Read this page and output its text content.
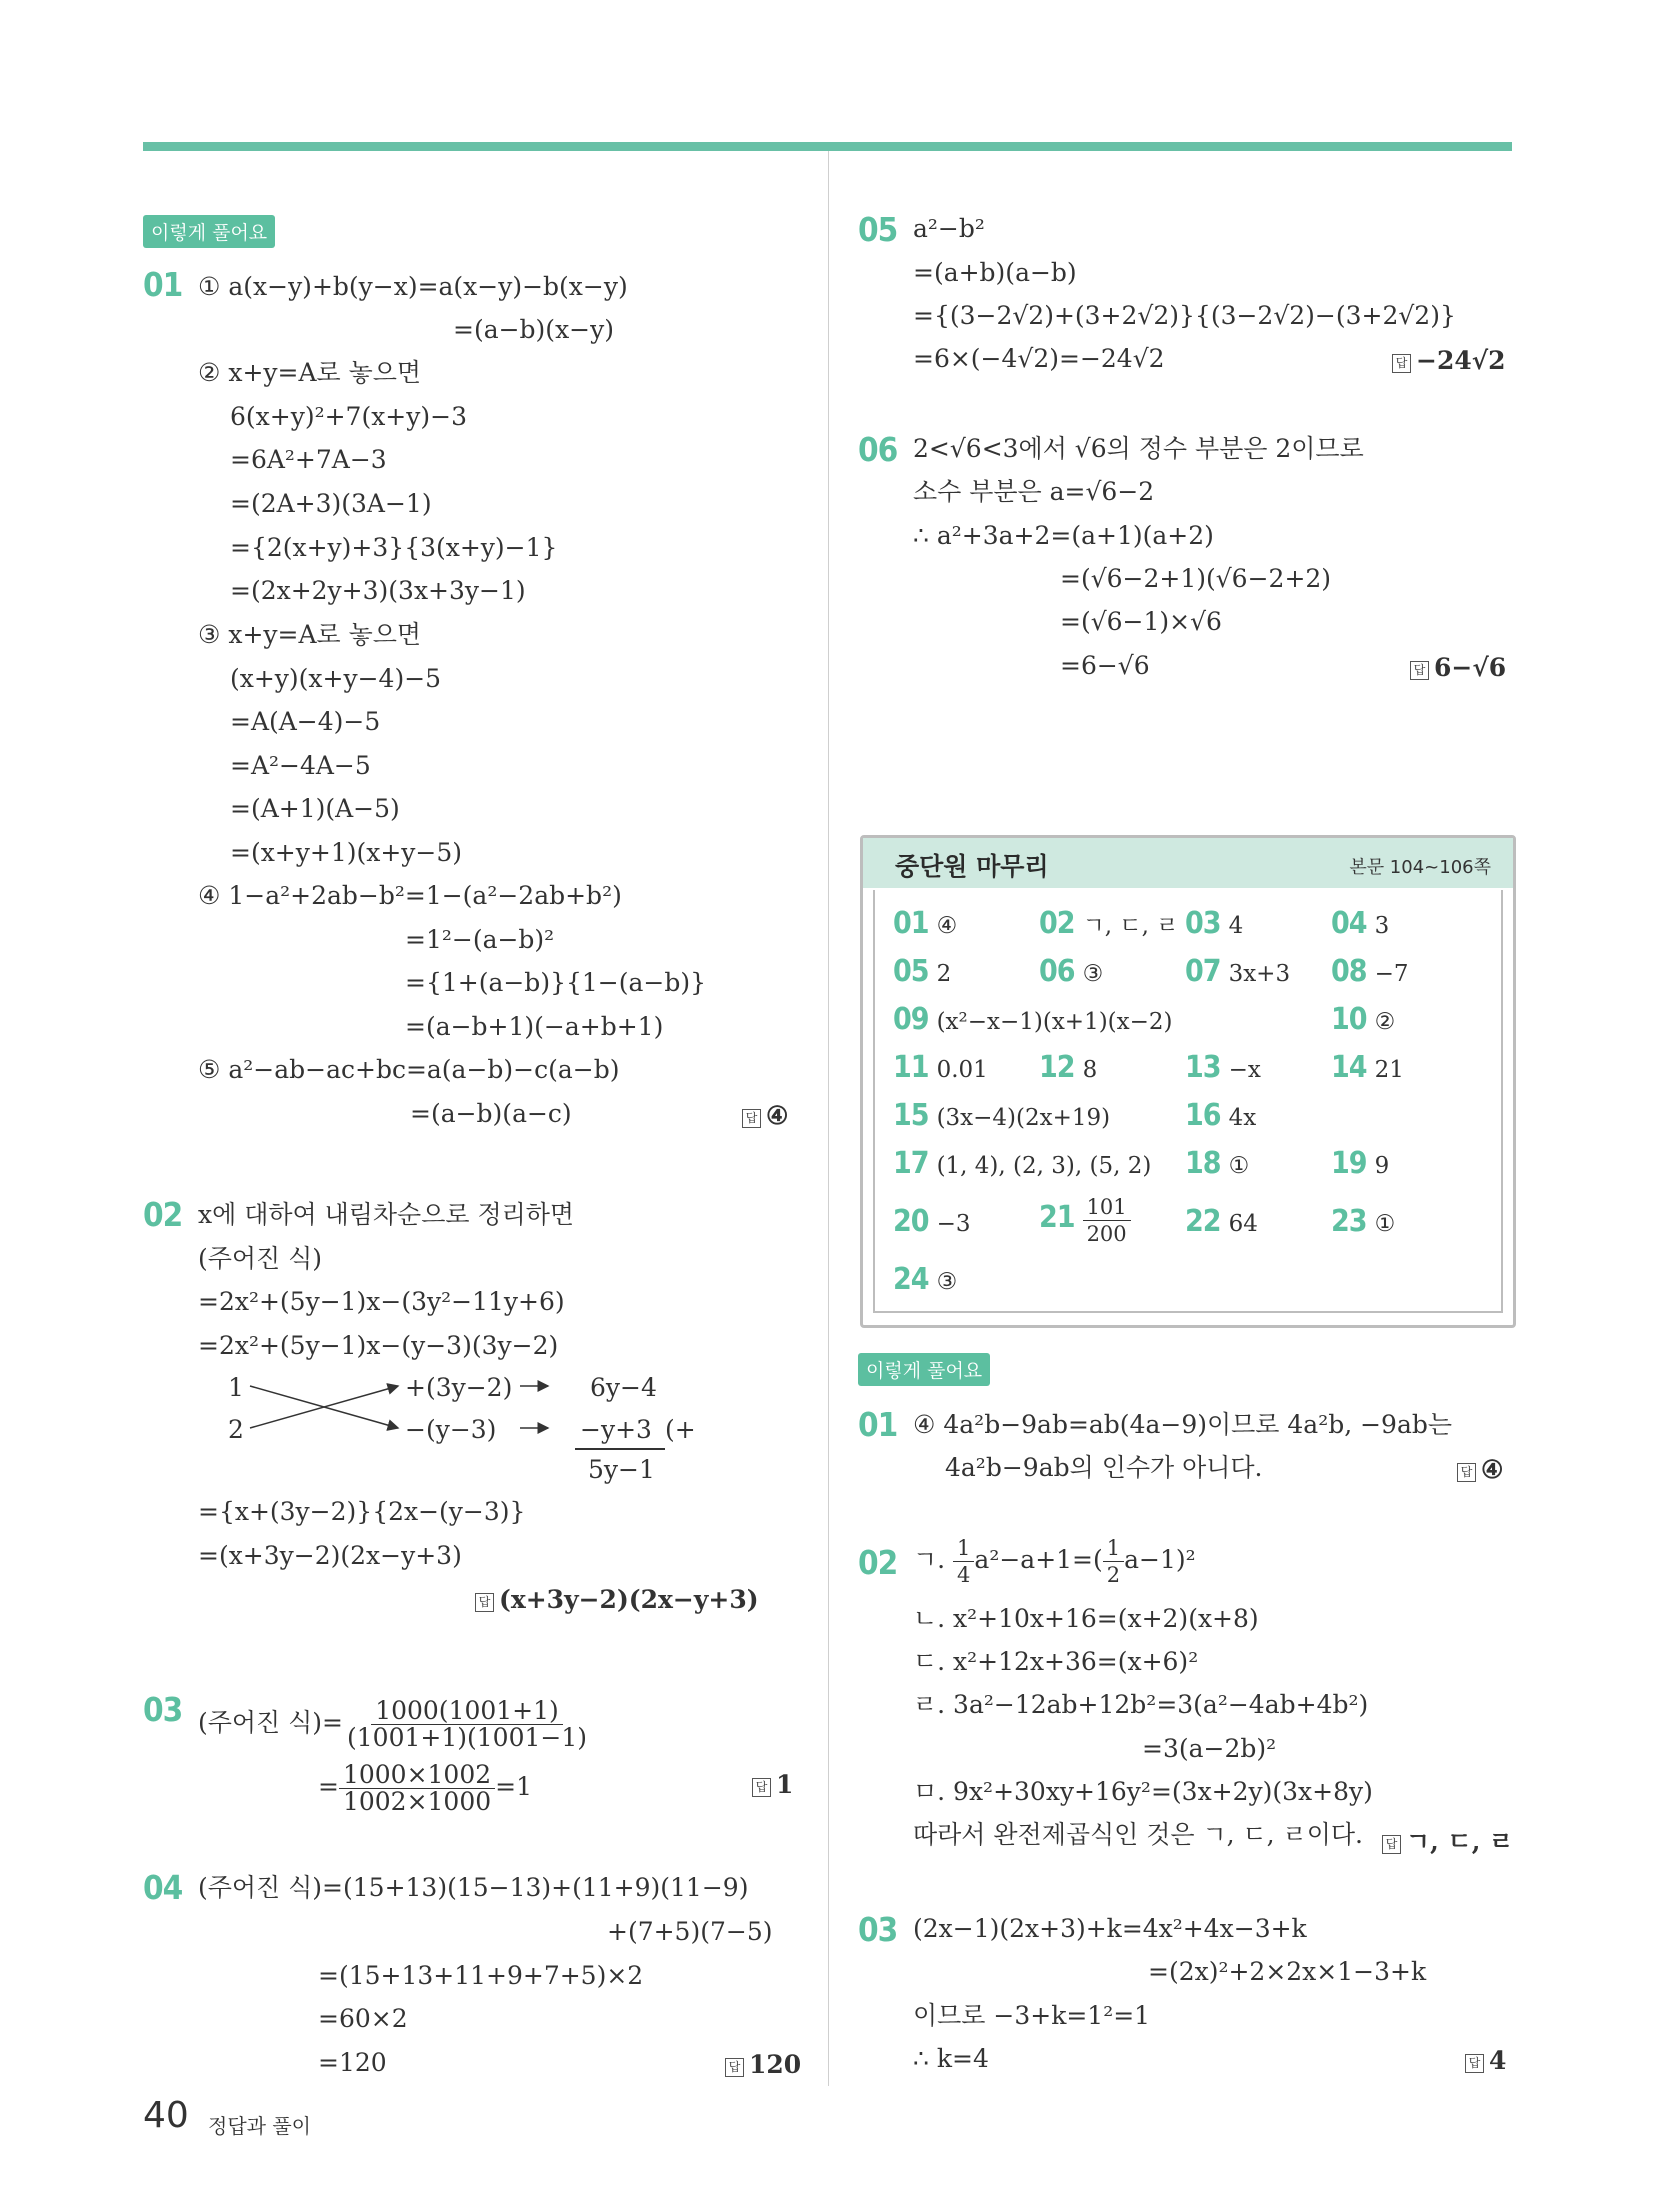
이렇게 풀어요
01 ① a(x−y)+b(y−x)=a(x−y)−b(x−y)
=(a−b)(x−y)
② x+y=A로 놓으면
6(x+y)²+7(x+y)−3
=6A²+7A−3
=(2A+3)(3A−1)
={2(x+y)+3}{3(x+y)−1}
=(2x+2y+3)(3x+3y−1)
③ x+y=A로 놓으면
(x+y)(x+y−4)−5
=A(A−4)−5
=A²−4A−5
=(A+1)(A−5)
=(x+y+1)(x+y−5)
④ 1−a²+2ab−b²=1−(a²−2ab+b²)
=1²−(a−b)²
={1+(a−b)}{1−(a−b)}
=(a−b+1)(−a+b+1)
⑤ a²−ab−ac+bc=a(a−b)−c(a−b)
=(a−b)(a−c)	답 ④
02 x에 대하여 내림차순으로 정리하면
(주어진 식)
=2x²+(5y−1)x−(3y²−11y+6)
=2x²+(5y−1)x−(y−3)(3y−2)
1
2
+(3y−2)
−(y−3)
6y−4
−y+3 (+
5y−1
={x+(3y−2)}{2x−(y−3)}
=(x+3y−2)(2x−y+3)
답 (x+3y−2)(2x−y+3)
03 (주어진 식)= $\frac{1000(1001+1)}{(1001+1)(1001-1)}$
= $\frac{1000\times 1002}{1002\times 1000} =1$	답 1
04 (주어진 식)=(15+13)(15−13)+(11+9)(11−9)
+(7+5)(7−5)
=(15+13+11+9+7+5)×2
=60×2
=120	답 120
05 a²−b²
=(a+b)(a−b)
={(3−2√2)+(3+2√2)}{(3−2√2)−(3+2√2)}
=6×(−4√2)=−24√2	답 −24√2
06 2<√6<3에서 √6의 정수 부분은 2이므로
소수 부분은 a=√6−2
∴ a²+3a+2=(a+1)(a+2)
=(√6−2+1)(√6−2+2)
=(√6−1)×√6
=6−√6	답 6−√6
중단원 마무리	본문 104~106쪽
01 ④	02 ㄱ, ㄷ, ㄹ 03 4	04 3
05 2	06 ③	07 3x+3 08 −7
09 (x²−x−1)(x+1)(x−2)	10 ②
11 0.01 12 8	13 −x 14 21
15 (3x−4)(2x+19) 16 4x
17 (1, 4), (2, 3), (5, 2) 18 ①	19 9
20 −3 $21 \frac{101}{200} 22$ 64 23 ①
24 ③
이렇게 풀어요
01 ④ 4a²b−9ab=ab(4a−9)이므로 4a²b, −9ab는
4a²b−9ab의 인수가 아니다.	답 ④
02 ㄱ. $\frac{1}{4} a^2-a+1=( \frac{1}{2} a-1)^2$
ㄴ. x²+10x+16=(x+2)(x+8)
ㄷ. x²+12x+36=(x+6)²
ㄹ. 3a²−12ab+12b²=3(a²−4ab+4b²)
=3(a−2b)²
ㅁ. 9x²+30xy+16y²=(3x+2y)(3x+8y)
따라서 완전제곱식인 것은 ㄱ, ㄷ, ㄹ이다.	답 ㄱ, ㄷ, ㄹ
03 (2x−1)(2x+3)+k=4x²+4x−3+k
=(2x)²+2×2x×1−3+k
이므로 −3+k=1²=1
∴ k=4	답 4
40 정답과 풀이
